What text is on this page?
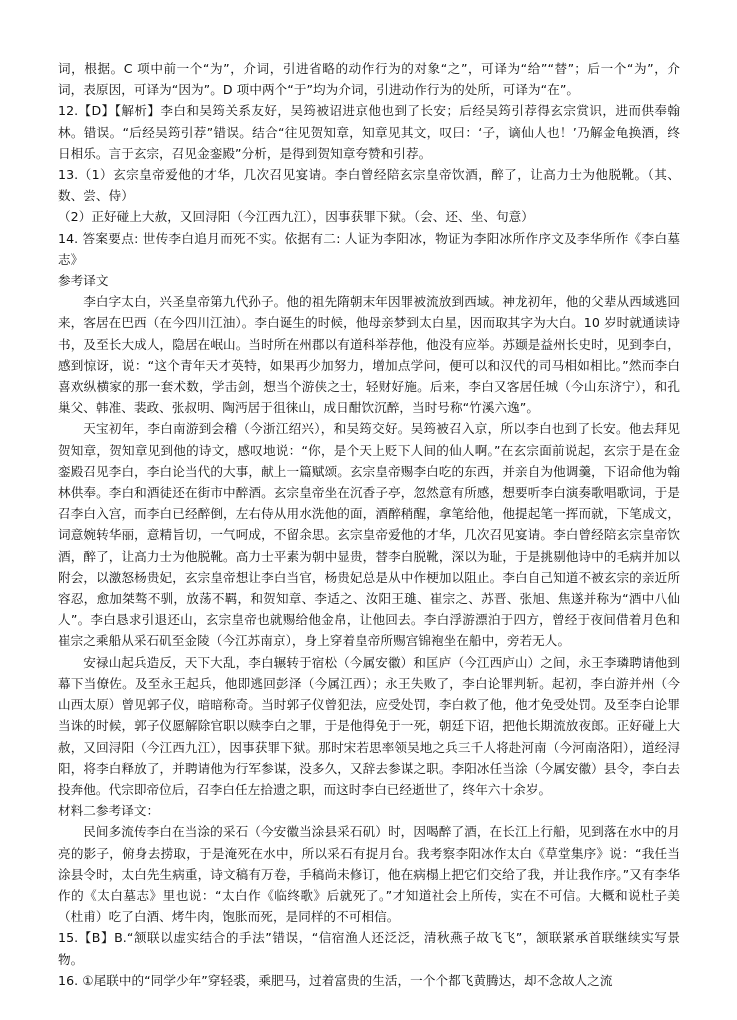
词，根据。C 项中前一个“为”，介词，引进省略的动作行为的对象“之”，可译为“给”“替”；后一个“为”，介词，表原因，可译为“因为”。D 项中两个“于”均为介词，引进动作行为的处所，可译为“在”。

12.【D】【解析】李白和吴筠关系友好，吴筠被诏进京他也到了长安；后经吴筠引荐得玄宗赏识，进而供奉翰林。错误。“后经吴筠引荐”错误。结合“往见贺知章，知章见其文，叹曰：‘子，谪仙人也！’乃解金龟换酒，终日相乐。言于玄宗，召见金銮殿”分析，是得到贺知章夸赞和引荐。

13.（1）玄宗皇帝爱他的才华，几次召见宴请。李白曾经陪玄宗皇帝饮酒，醉了，让高力士为他脱靴。（其、数、尝、侍）

（2）正好碰上大赦，又回浔阳（今江西九江），因事获罪下狱。（会、还、坐、句意）

14. 答案要点: 世传李白追月而死不实。依据有二: 人证为李阳冰，物证为李阳冰所作序文及李华所作《李白墓志》

参考译文

李白字太白，兴圣皇帝第九代孙子。他的祖先隋朝末年因罪被流放到西域。神龙初年，他的父辈从西域逃回来，客居在巴西（在今四川江油）。李白诞生的时候，他母亲梦到太白星，因而取其字为大白。10 岁时就通读诗书，及至长大成人，隐居在岷山。当时所在州郡以有道科举荐他，他没有应举。苏颋是益州长史时，见到李白，感到惊讶，说：“这个青年天才英特，如果再少加努力，增加点学问，便可以和汉代的司马相如相比。”然而李白喜欢纵横家的那一套术数，学击剑，想当个游侠之士，轻财好施。后来，李白又客居任城（今山东济宁），和孔巢父、韩准、裴政、张叔明、陶沔居于徂徕山，成日酣饮沉醉，当时号称“竹溪六逸”。

天宝初年，李白南游到会稽（今浙江绍兴），和吴筠交好。吴筠被召入京，所以李白也到了长安。他去拜见贺知章，贺知章见到他的诗文，感叹地说：“你，是个天上贬下人间的仙人啊。”在玄宗面前说起，玄宗于是在金銮殿召见李白，李白论当代的大事，献上一篇赋颂。玄宗皇帝赐李白吃的东西，并亲自为他调羹，下诏命他为翰林供奉。李白和酒徒还在街市中醉酒。玄宗皇帝坐在沉香子亭，忽然意有所感，想要听李白演奏歌唱歌词，于是召李白入宫，而李白已经醉倒，左右侍从用水洗他的面，酒醉稍醒，拿笔给他，他提起笔一挥而就，下笔成文，词意婉转华丽，意精旨切，一气呵成，不留余思。玄宗皇帝爱他的才华，几次召见宴请。李白曾经陪玄宗皇帝饮酒，醉了，让高力士为他脱靴。高力士平素为朝中显贵，替李白脱靴，深以为耻，于是挑剔他诗中的毛病并加以附会，以激怒杨贵妃，玄宗皇帝想让李白当官，杨贵妃总是从中作梗加以阻止。李白自己知道不被玄宗的亲近所容忍，愈加桀骜不驯，放荡不羁，和贺知章、李适之、汝阳王璡、崔宗之、苏晋、张旭、焦遂并称为“酒中八仙人”。李白恳求引退还山，玄宗皇帝也就赐给他金帛，让他回去。李白浮游漂泊于四方，曾经于夜间借着月色和崔宗之乘船从采石矶至金陵（今江苏南京），身上穿着皇帝所赐宫锦袍坐在船中，旁若无人。

安禄山起兵造反，天下大乱，李白辗转于宿松（今属安徽）和匡庐（今江西庐山）之间，永王李璘聘请他到幕下当僚佐。及至永王起兵，他即逃回彭泽（今属江西）；永王失败了，李白论罪判斩。起初，李白游并州（今山西太原）曾见郭子仪，暗暗称奇。当时郭子仪曾犯法，应受处罚，李白救了他，他才免受处罚。及至李白论罪当诛的时候，郭子仪愿解除官职以赎李白之罪，于是他得免于一死，朝廷下诏，把他长期流放夜郎。正好碰上大赦，又回浔阳（今江西九江），因事获罪下狱。那时宋若思率领吴地之兵三千人将赴河南（今河南洛阳），道经浔阳，将李白释放了，并聘请他为行军参谋，没多久，又辞去参谋之职。李阳冰任当涂（今属安徽）县令，李白去投奔他。代宗即帝位后，召李白任左拾遗之职，而这时李白已经逝世了，终年六十余岁。

材料二参考译文：

民间多流传李白在当涂的采石（今安徽当涂县采石矶）时，因喝醉了酒，在长江上行船，见到落在水中的月亮的影子，俯身去捞取，于是淹死在水中，所以采石有捉月台。我考察李阳冰作太白《草堂集序》说：“我任当涂县令时，太白先生病重，诗文稿有万卷，手稿尚未修订，他在病榻上把它们交给了我，并让我作序。”又有李华作的《太白墓志》里也说：“太白作《临终歌》后就死了。”才知道社会上所传，实在不可信。大概和说杜子美（杜甫）吃了白酒、烤牛肉，饱胀而死，是同样的不可相信。

15.【B】B.“颔联以虚实结合的手法”错误，“信宿渔人还泛泛，清秋燕子故飞飞”，颔联紧承首联继续实写景物。

16. ①尾联中的“同学少年”穿轻裘，乘肥马，过着富贵的生活，一个个都飞黄腾达，却不念故人之流
